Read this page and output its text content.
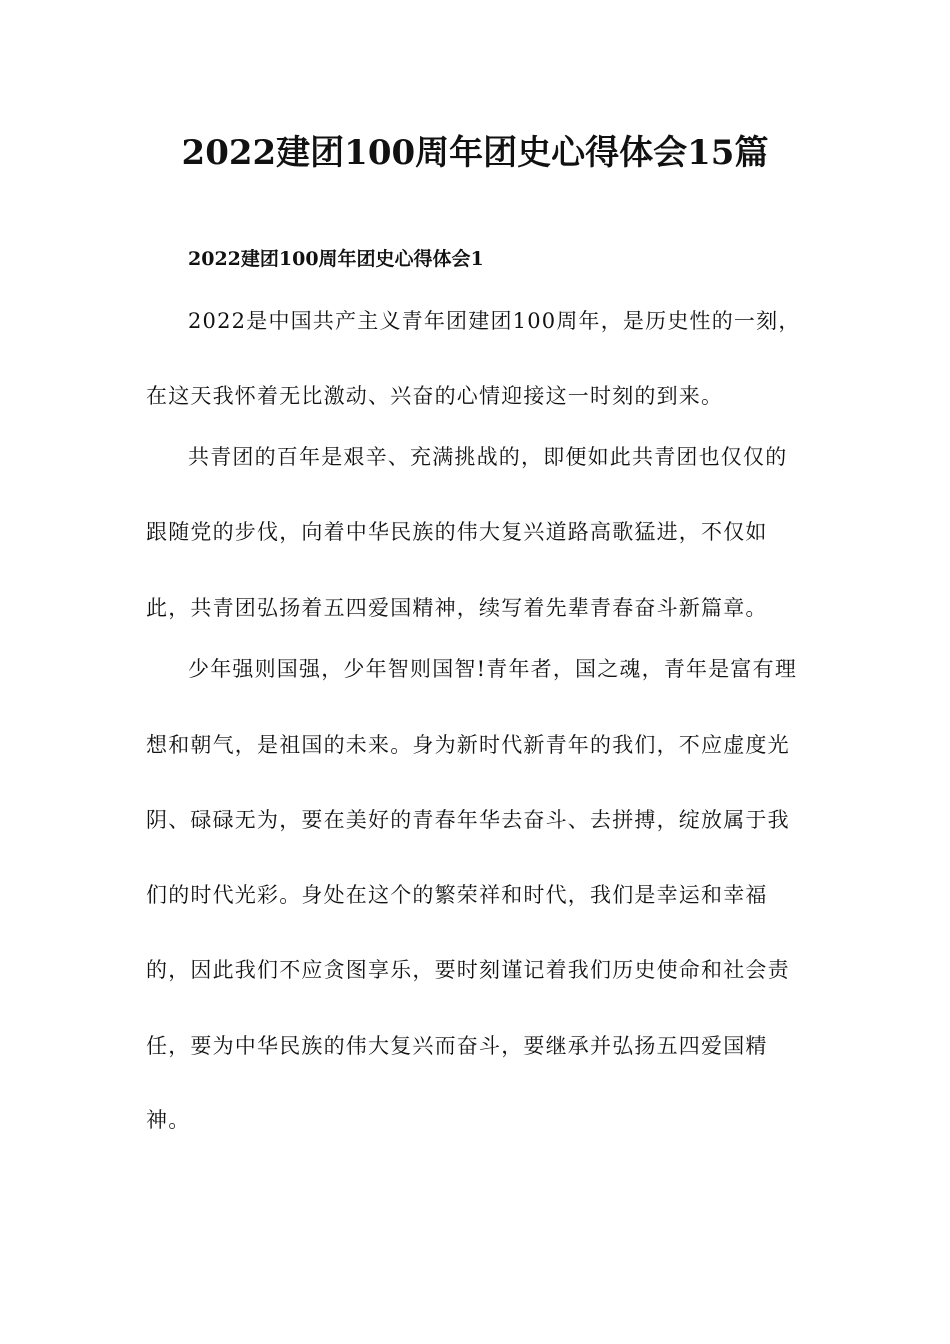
2022建团100周年团史心得体会15篇
2022建团100周年团史心得体会1
2022是中国共产主义青年团建团100周年，是历史性的一刻，
在这天我怀着无比激动、兴奋的心情迎接这一时刻的到来。
共青团的百年是艰辛、充满挑战的，即便如此共青团也仅仅的
跟随党的步伐，向着中华民族的伟大复兴道路高歌猛进，不仅如
此，共青团弘扬着五四爱国精神，续写着先辈青春奋斗新篇章。
少年强则国强，少年智则国智!青年者，国之魂，青年是富有理
想和朝气，是祖国的未来。身为新时代新青年的我们，不应虚度光
阴、碌碌无为，要在美好的青春年华去奋斗、去拼搏，绽放属于我
们的时代光彩。身处在这个的繁荣祥和时代，我们是幸运和幸福
的，因此我们不应贪图享乐，要时刻谨记着我们历史使命和社会责
任，要为中华民族的伟大复兴而奋斗，要继承并弘扬五四爱国精
神。
